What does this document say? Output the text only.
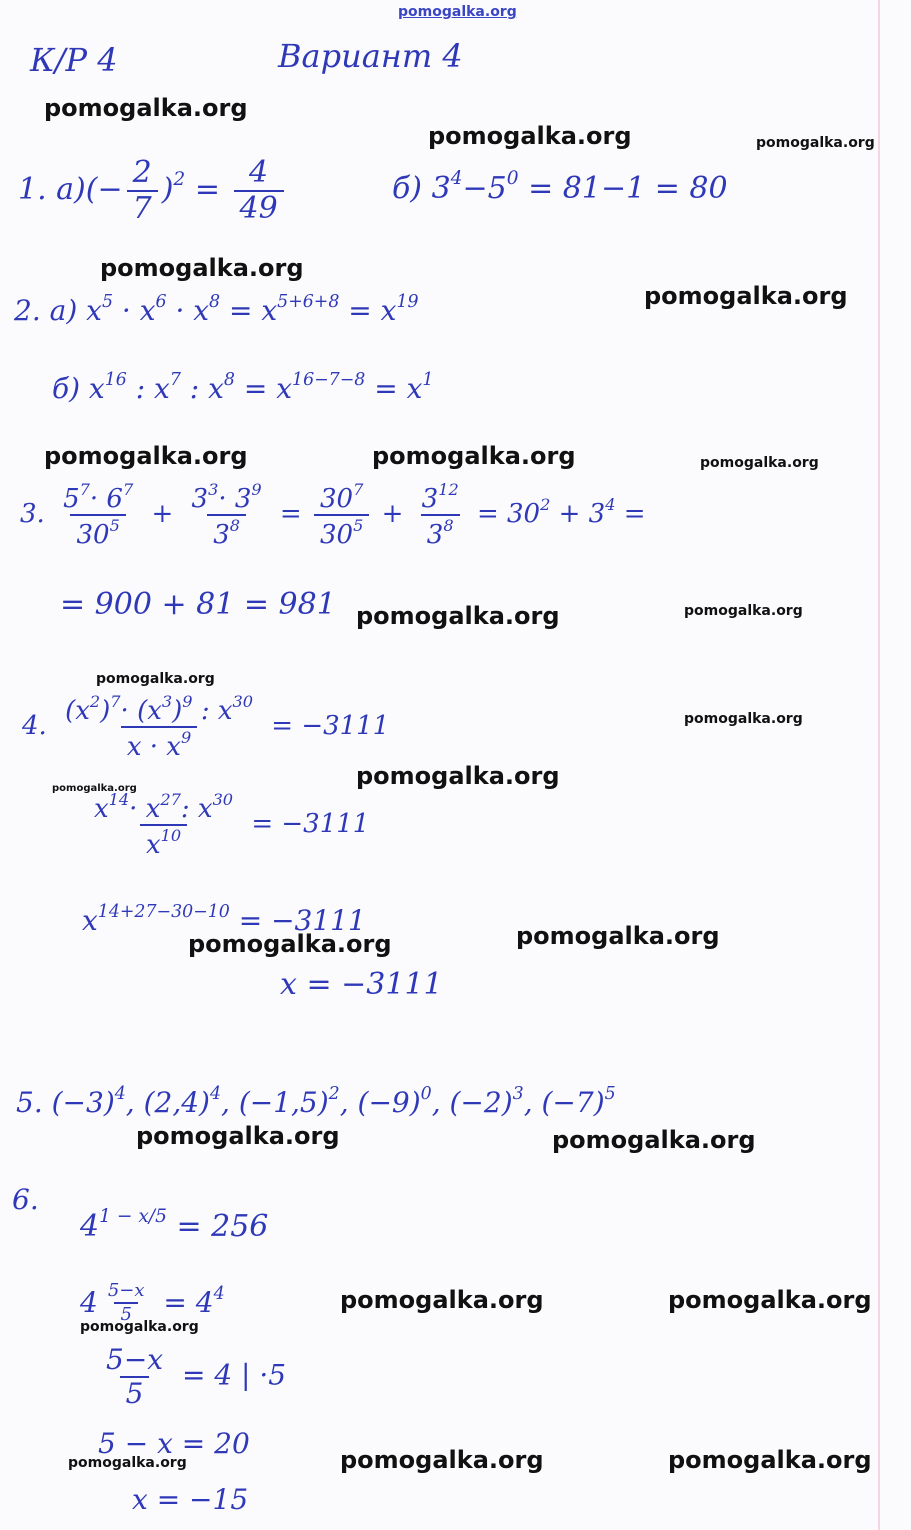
pomogalka.org
К/Р 4	Вариант 4
1. $а)(- \frac{2}{7} )^2 = \frac{4}{49}$	б) $3^4-5^0 = 81-1 = 80$
2. а) $x^5 \cdot x^6 \cdot x^8 = x^{5+6+8} = x^{19}$
б) $x^{16}$ : $x^7$ : $x^8 = x^{16-7-8} = x^1$
3. $\frac{5^7\cdot 6^7}{30^5} + \frac{3^3\cdot 3^9}{3^8} = \frac{30^7}{30^5} + \frac{3^{12}}{3^8} = 30^2 + 3^4$ =
= 900 + 81 = 981
4. $\frac{(x^2)^7\cdot (x^3)^9 : x^{30}}{x \cdot x^9} = -3111$
$\frac{x^{14}\cdot x^{27}: x^{30}}{x^{10}} = -3111$
$x^{14+27-30-10} = -3111$
x = −3111
5. $(-3)^4$, $(2,4)^4$, $(-1,5)^2$, $(-9)^0$, $(-2)^3$, $(-7)^5$
6.
$4^{1 - x/5} = 256$
$4 \frac{5-x}{5} = 4^4$
$\frac{5-x}{5} = 4$ | ·5
5 − x = 20
x = −15
pomogalka.org
pomogalka.org	pomogalka.org
pomogalka.org
pomogalka.org
pomogalka.org	pomogalka.org	pomogalka.org
pomogalka.org	pomogalka.org
pomogalka.org
pomogalka.org
pomogalka.org
pomogalka.org
pomogalka.org	pomogalka.org
pomogalka.org	pomogalka.org
pomogalka.org	pomogalka.org
pomogalka.org
pomogalka.org	pomogalka.org
pomogalka.org
